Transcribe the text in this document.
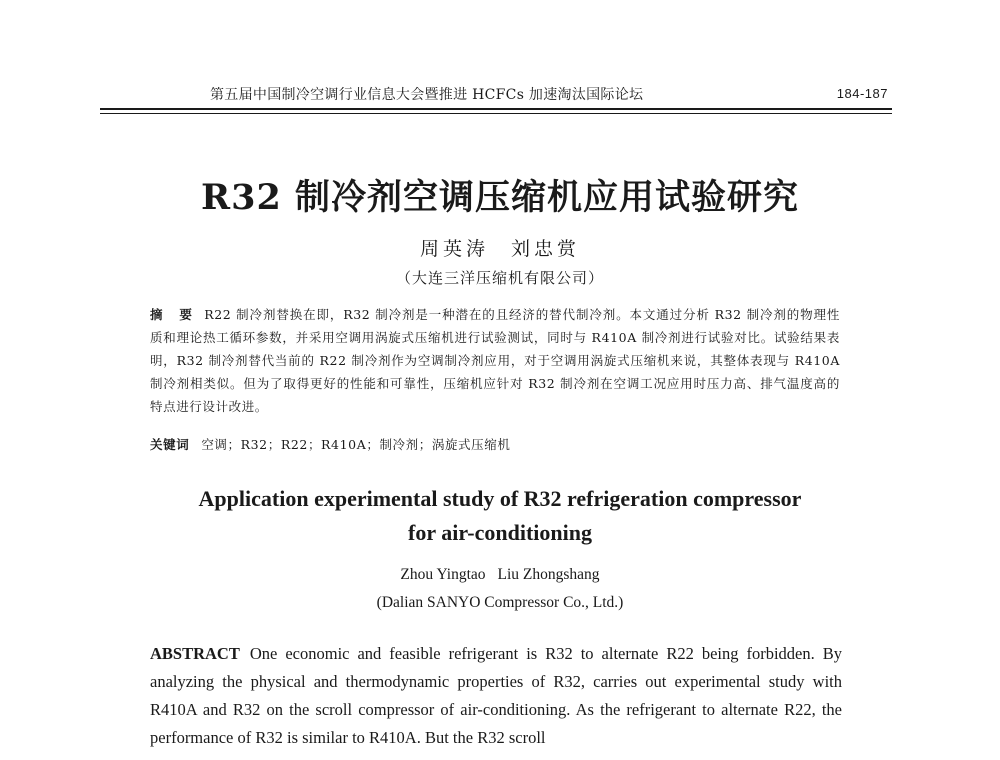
第五届中国制冷空调行业信息大会暨推进 HCFCs 加速淘汰国际论坛	184-187
R32 制冷剂空调压缩机应用试验研究
周英涛 刘忠赏
（大连三洋压缩机有限公司）
摘 要 R22 制冷剂替换在即，R32 制冷剂是一种潜在的且经济的替代制冷剂。本文通过分析 R32 制冷剂的物理性质和理论热工循环参数，并采用空调用涡旋式压缩机进行试验测试，同时与 R410A 制冷剂进行试验对比。试验结果表明，R32 制冷剂替代当前的 R22 制冷剂作为空调制冷剂应用，对于空调用涡旋式压缩机来说，其整体表现与 R410A 制冷剂相类似。但为了取得更好的性能和可靠性，压缩机应针对 R32 制冷剂在空调工况应用时压力高、排气温度高的特点进行设计改进。
关键词 空调；R32；R22；R410A；制冷剂；涡旋式压缩机
Application experimental study of R32 refrigeration compressor
for air-conditioning
Zhou Yingtao Liu Zhongshang
(Dalian SANYO Compressor Co., Ltd.)
ABSTRACT One economic and feasible refrigerant is R32 to alternate R22 being forbidden. By analyzing the physical and thermodynamic properties of R32, carries out experimental study with R410A and R32 on the scroll compressor of air-conditioning. As the refrigerant to alternate R22, the performance of R32 is similar to R410A. But the R32 scroll
